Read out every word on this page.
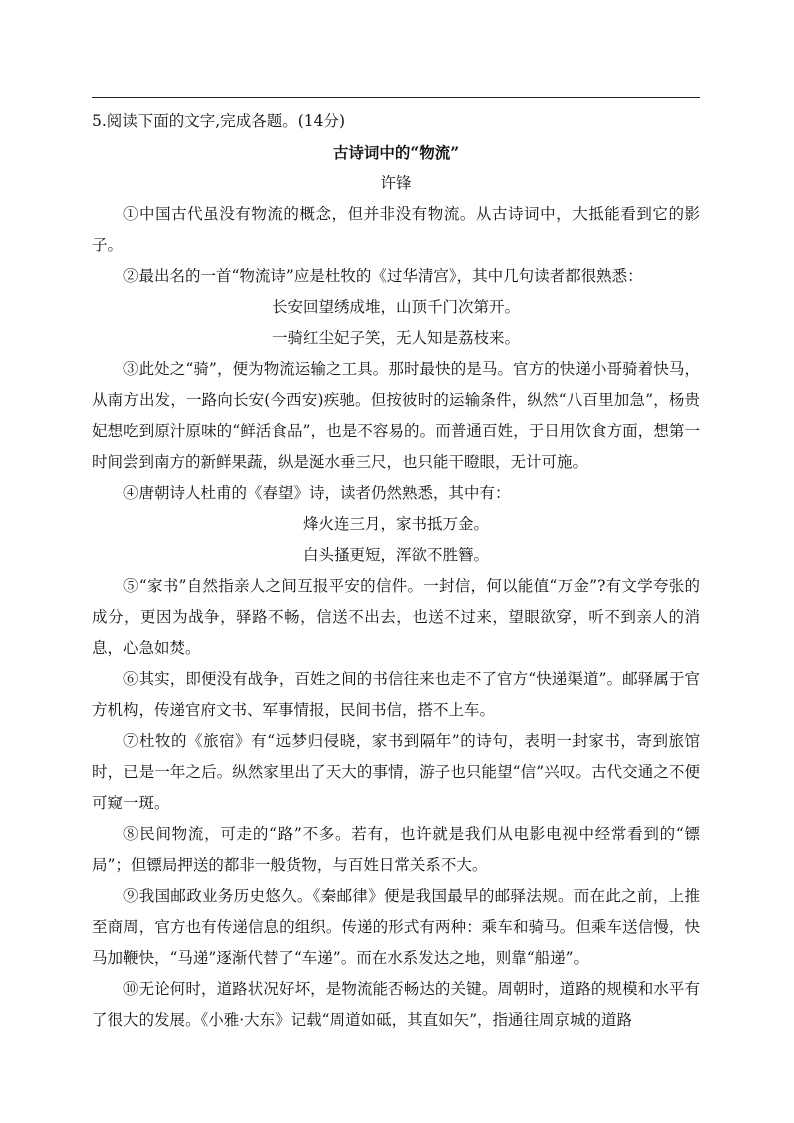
5.阅读下面的文字,完成各题。(14分)

古诗词中的“物流”

许锋

①中国古代虽没有物流的概念，但并非没有物流。从古诗词中，大抵能看到它的影子。

②最出名的一首“物流诗”应是杜牧的《过华清宫》，其中几句读者都很熟悉：

长安回望绣成堆，山顶千门次第开。

一骑红尘妃子笑，无人知是荔枝来。

③此处之“骑”，便为物流运输之工具。那时最快的是马。官方的快递小哥骑着快马，从南方出发，一路向长安(今西安)疾驰。但按彼时的运输条件，纵然“八百里加急”，杨贵妃想吃到原汁原味的“鲜活食品”，也是不容易的。而普通百姓，于日用饮食方面，想第一时间尝到南方的新鲜果蔬，纵是涎水垂三尺，也只能干瞪眼，无计可施。

④唐朝诗人杜甫的《春望》诗，读者仍然熟悉，其中有：

烽火连三月，家书抵万金。

白头搔更短，浑欲不胜簪。

⑤“家书”自然指亲人之间互报平安的信件。一封信，何以能值“万金”?有文学夸张的成分，更因为战争，驿路不畅，信送不出去，也送不过来，望眼欲穿，听不到亲人的消息，心急如焚。

⑥其实，即便没有战争，百姓之间的书信往来也走不了官方“快递渠道”。邮驿属于官方机构，传递官府文书、军事情报，民间书信，搭不上车。

⑦杜牧的《旅宿》有“远梦归侵晓，家书到隔年”的诗句，表明一封家书，寄到旅馆时，已是一年之后。纵然家里出了天大的事情，游子也只能望“信”兴叹。古代交通之不便可窥一斑。

⑧民间物流，可走的“路”不多。若有，也许就是我们从电影电视中经常看到的“镖局”；但镖局押送的都非一般货物，与百姓日常关系不大。

⑨我国邮政业务历史悠久。《秦邮律》便是我国最早的邮驿法规。而在此之前，上推至商周，官方也有传递信息的组织。传递的形式有两种：乘车和骑马。但乘车送信慢，快马加鞭快，“马递”逐渐代替了“车递”。而在水系发达之地，则靠“船递”。

⑩无论何时，道路状况好坏，是物流能否畅达的关键。周朝时，道路的规模和水平有了很大的发展。《小雅·大东》记载“周道如砥，其直如矢”，指通往周京城的道路
